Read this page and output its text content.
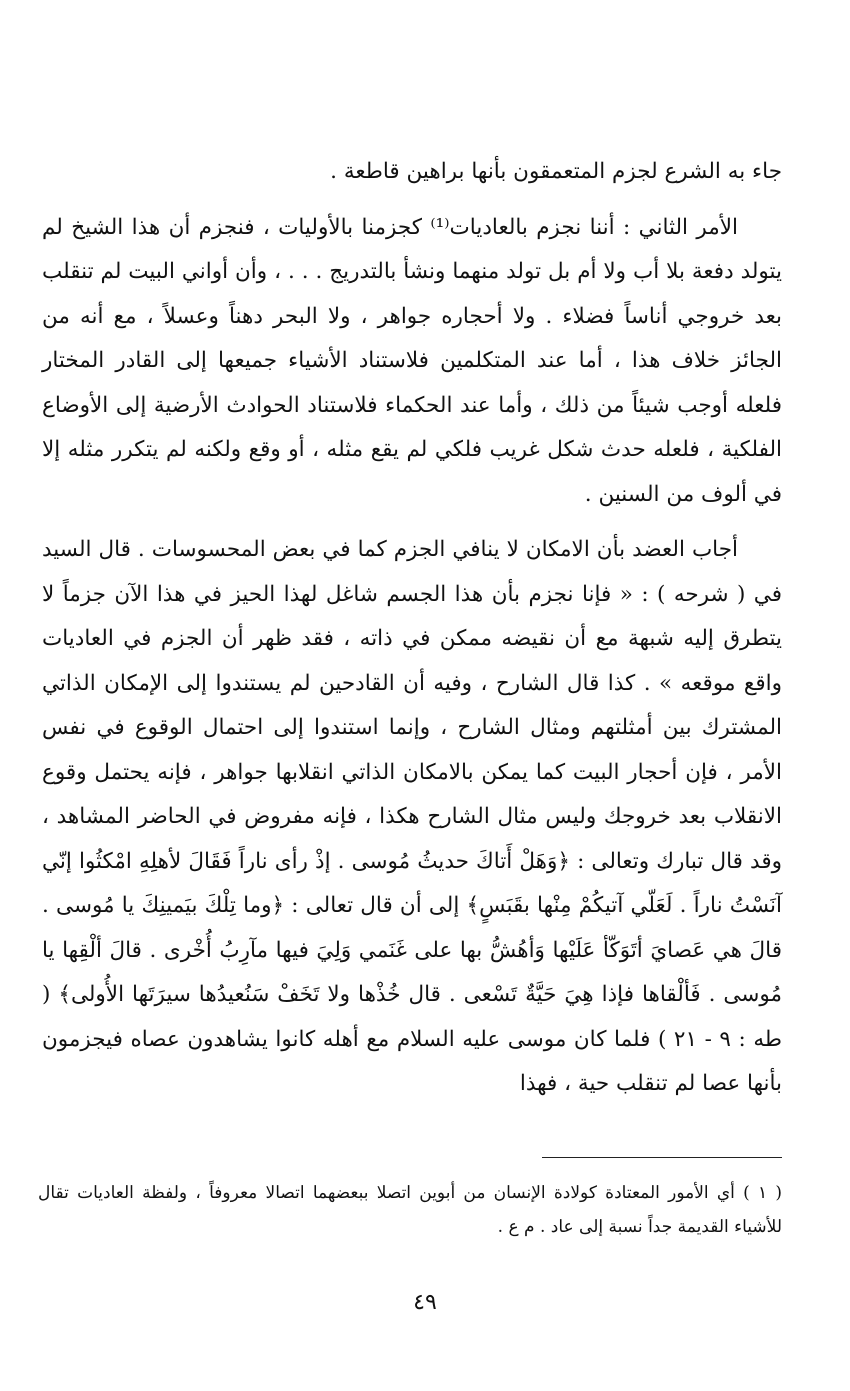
جاء به الشرع لجزم المتعمقون بأنها براهين قاطعة .

الأمر الثاني : أننا نجزم بالعاديات⁽¹⁾ كجزمنا بالأوليات ، فنجزم أن هذا الشيخ لم يتولد دفعة بلا أب ولا أم بل تولد منهما ونشأ بالتدريج . . . ، وأن أواني البيت لم تنقلب بعد خروجي أناساً فضلاء . ولا أحجاره جواهر ، ولا البحر دهناً وعسلاً ، مع أنه من الجائز خلاف هذا ، أما عند المتكلمين فلاستناد الأشياء جميعها إلى القادر المختار فلعله أوجب شيئاً من ذلك ، وأما عند الحكماء فلاستناد الحوادث الأرضية إلى الأوضاع الفلكية ، فلعله حدث شكل غريب فلكي لم يقع مثله ، أو وقع ولكنه لم يتكرر مثله إلا في ألوف من السنين .

أجاب العضد بأن الامكان لا ينافي الجزم كما في بعض المحسوسات . قال السيد في ( شرحه ) : « فإنا نجزم بأن هذا الجسم شاغل لهذا الحيز في هذا الآن جزماً لا يتطرق إليه شبهة مع أن نقيضه ممكن في ذاته ، فقد ظهر أن الجزم في العاديات واقع موقعه » . كذا قال الشارح ، وفيه أن القادحين لم يستندوا إلى الإمكان الذاتي المشترك بين أمثلتهم ومثال الشارح ، وإنما استندوا إلى احتمال الوقوع في نفس الأمر ، فإن أحجار البيت كما يمكن بالامكان الذاتي انقلابها جواهر ، فإنه يحتمل وقوع الانقلاب بعد خروجك وليس مثال الشارح هكذا ، فإنه مفروض في الحاضر المشاهد ، وقد قال تبارك وتعالى : ﴿وَهَلْ أَتاكَ حديثُ مُوسى . إذْ رأى ناراً فَقَالَ لأهلِهِ امْكثُوا إنّي آنَسْتُ ناراً . لَعَلّي آتيكُمْ مِنْها بقَبَسٍ﴾ إلى أن قال تعالى : ﴿وما تِلْكَ بيَمينِكَ يا مُوسى . قالَ هي عَصايَ أتَوَكّأ عَلَيْها وَأهُشُّ بها على غَنَمي وَلِيَ فيها مآرِبُ أُخْرى . قالَ ألْقِها يا مُوسى . فَألْقاها فإذا هِيَ حَيَّةٌ تَسْعى . قال خُذْها ولا تَخَفْ سَنُعيدُها سيرَتَها الأُولى﴾ ( طه : ٩ - ٢١ ) فلما كان موسى عليه السلام مع أهله كانوا يشاهدون عصاه فيجزمون بأنها عصا لم تنقلب حية ، فهذا

( ١ ) أي الأمور المعتادة كولادة الإنسان من أبوين اتصلا ببعضهما اتصالا معروفاً ، ولفظة العاديات تقال للأشياء القديمة جداً نسبة إلى عاد . م ع .

٤٩
